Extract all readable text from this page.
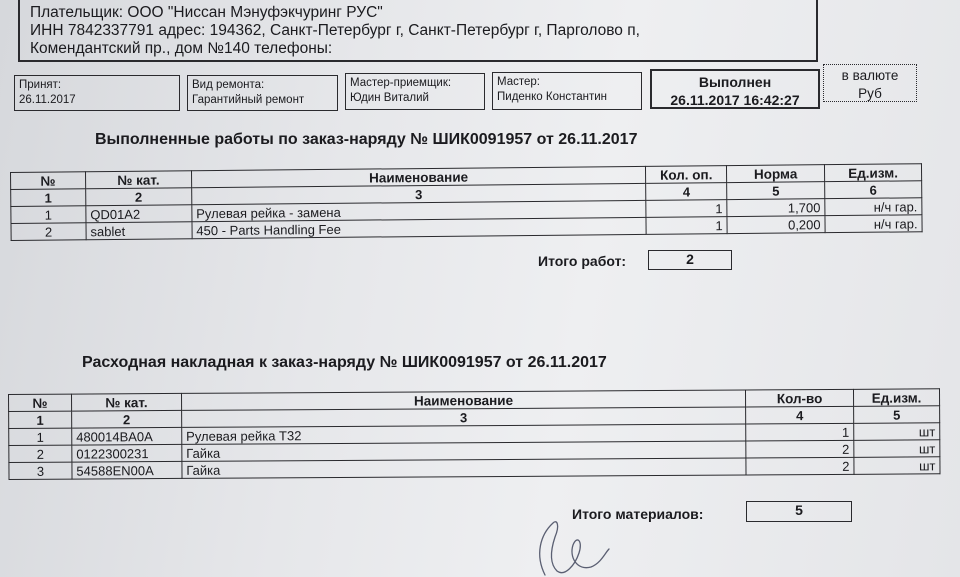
Плательщик: ООО "Ниссан Мэнуфэкчуринг РУС"
ИНН 7842337791 адрес: 194362, Санкт-Петербург г, Санкт-Петербург г, Парголово п,
Комендантский пр., дом №140 телефоны:
Принят:
26.11.2017
Вид ремонта:
Гарантийный ремонт
Мастер-приемщик:
Юдин Виталий
Мастер:
Пиденко Константин
Выполнен
26.11.2017 16:42:27
в валюте
Руб
Выполненные работы по заказ-наряду № ШИК0091957 от 26.11.2017
№	№ кат.	Наименование	Кол. оп.	Норма	Ед.изм.
1	2	3	4	5	6
1	QD01A2	Рулевая рейка - замена	1	1,700	н/ч гар.
2	sablet	450 - Parts Handling Fee	1	0,200	н/ч гар.
Итого работ:	2
Расходная накладная к заказ-наряду № ШИК0091957 от 26.11.2017
№	№ кат.	Наименование	Кол-во	Ед.изм.
1	2	3	4	5
1	480014BA0A	Рулевая рейка Т32	1	шт
2	0122300231	Гайка	2	шт
3	54588EN00A	Гайка	2	шт
Итого материалов:	5
